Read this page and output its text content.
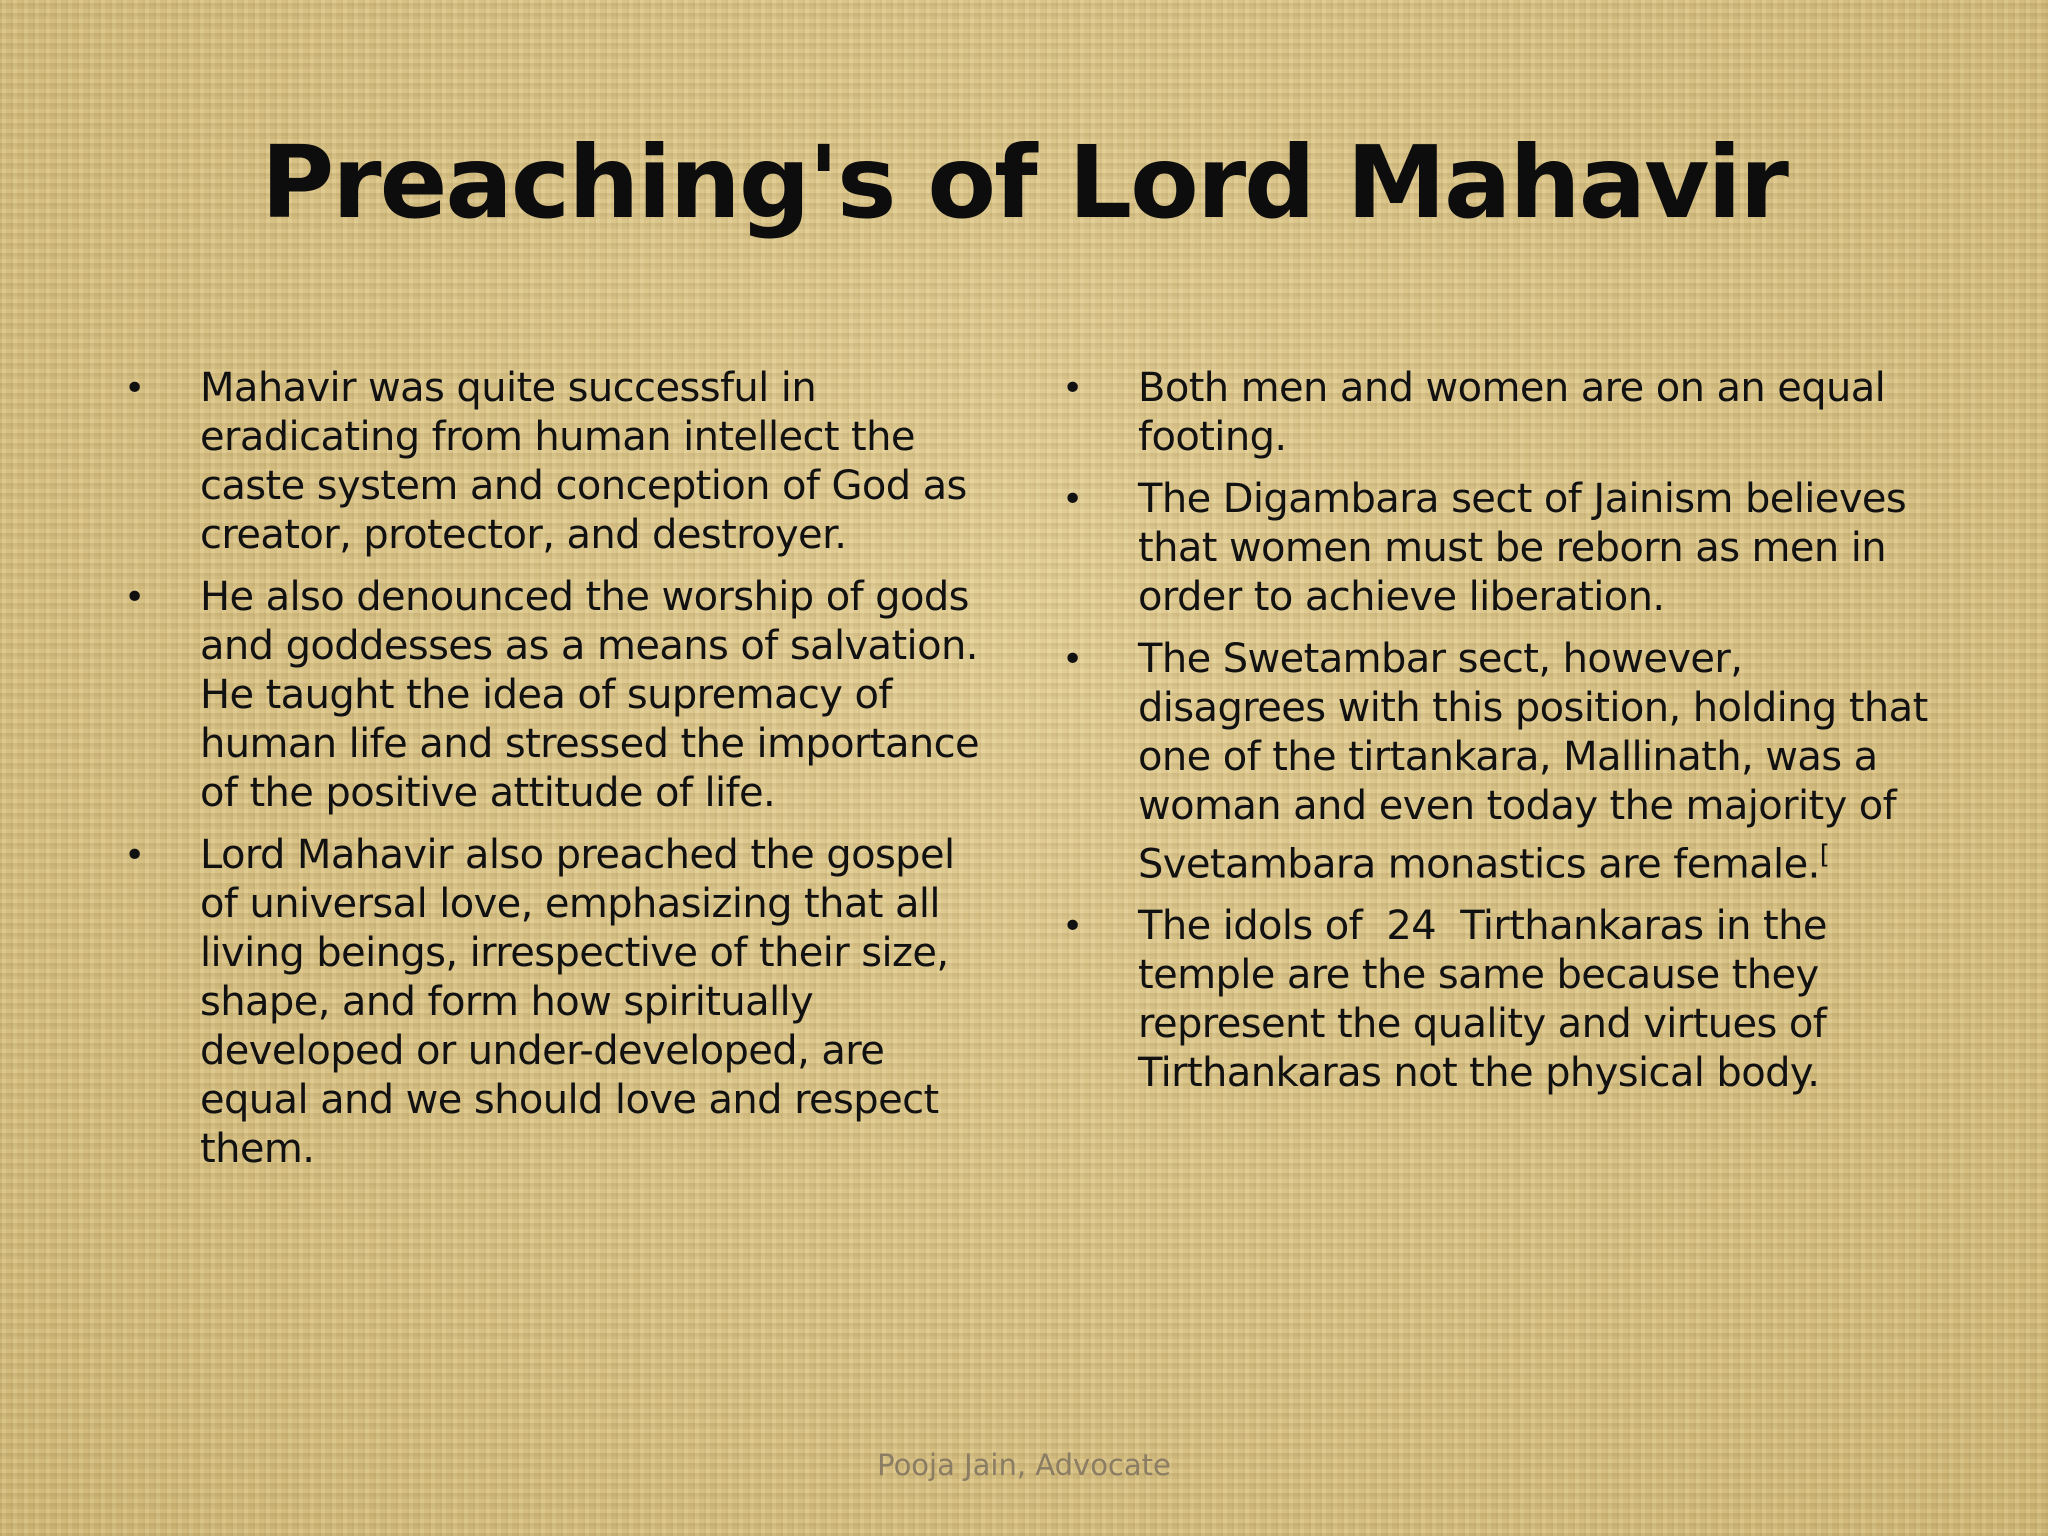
Preaching's of Lord Mahavir
• Mahavir was quite successful in eradicating from human intellect the caste system and conception of God as creator, protector, and destroyer.
• He also denounced the worship of gods and goddesses as a means of salvation. He taught the idea of supremacy of human life and stressed the importance of the positive attitude of life.
• Lord Mahavir also preached the gospel of universal love, emphasizing that all living beings, irrespective of their size, shape, and form how spiritually developed or under-developed, are equal and we should love and respect them.
• Both men and women are on an equal footing.
• The Digambara sect of Jainism believes that women must be reborn as men in order to achieve liberation.
• The Swetambar sect, however, disagrees with this position, holding that one of the tirtankara, Mallinath, was a woman and even today the majority of Svetambara monastics are female.[
• The idols of  24  Tirthankaras in the temple are the same because they represent the quality and virtues of Tirthankaras not the physical body.
Pooja Jain, Advocate
